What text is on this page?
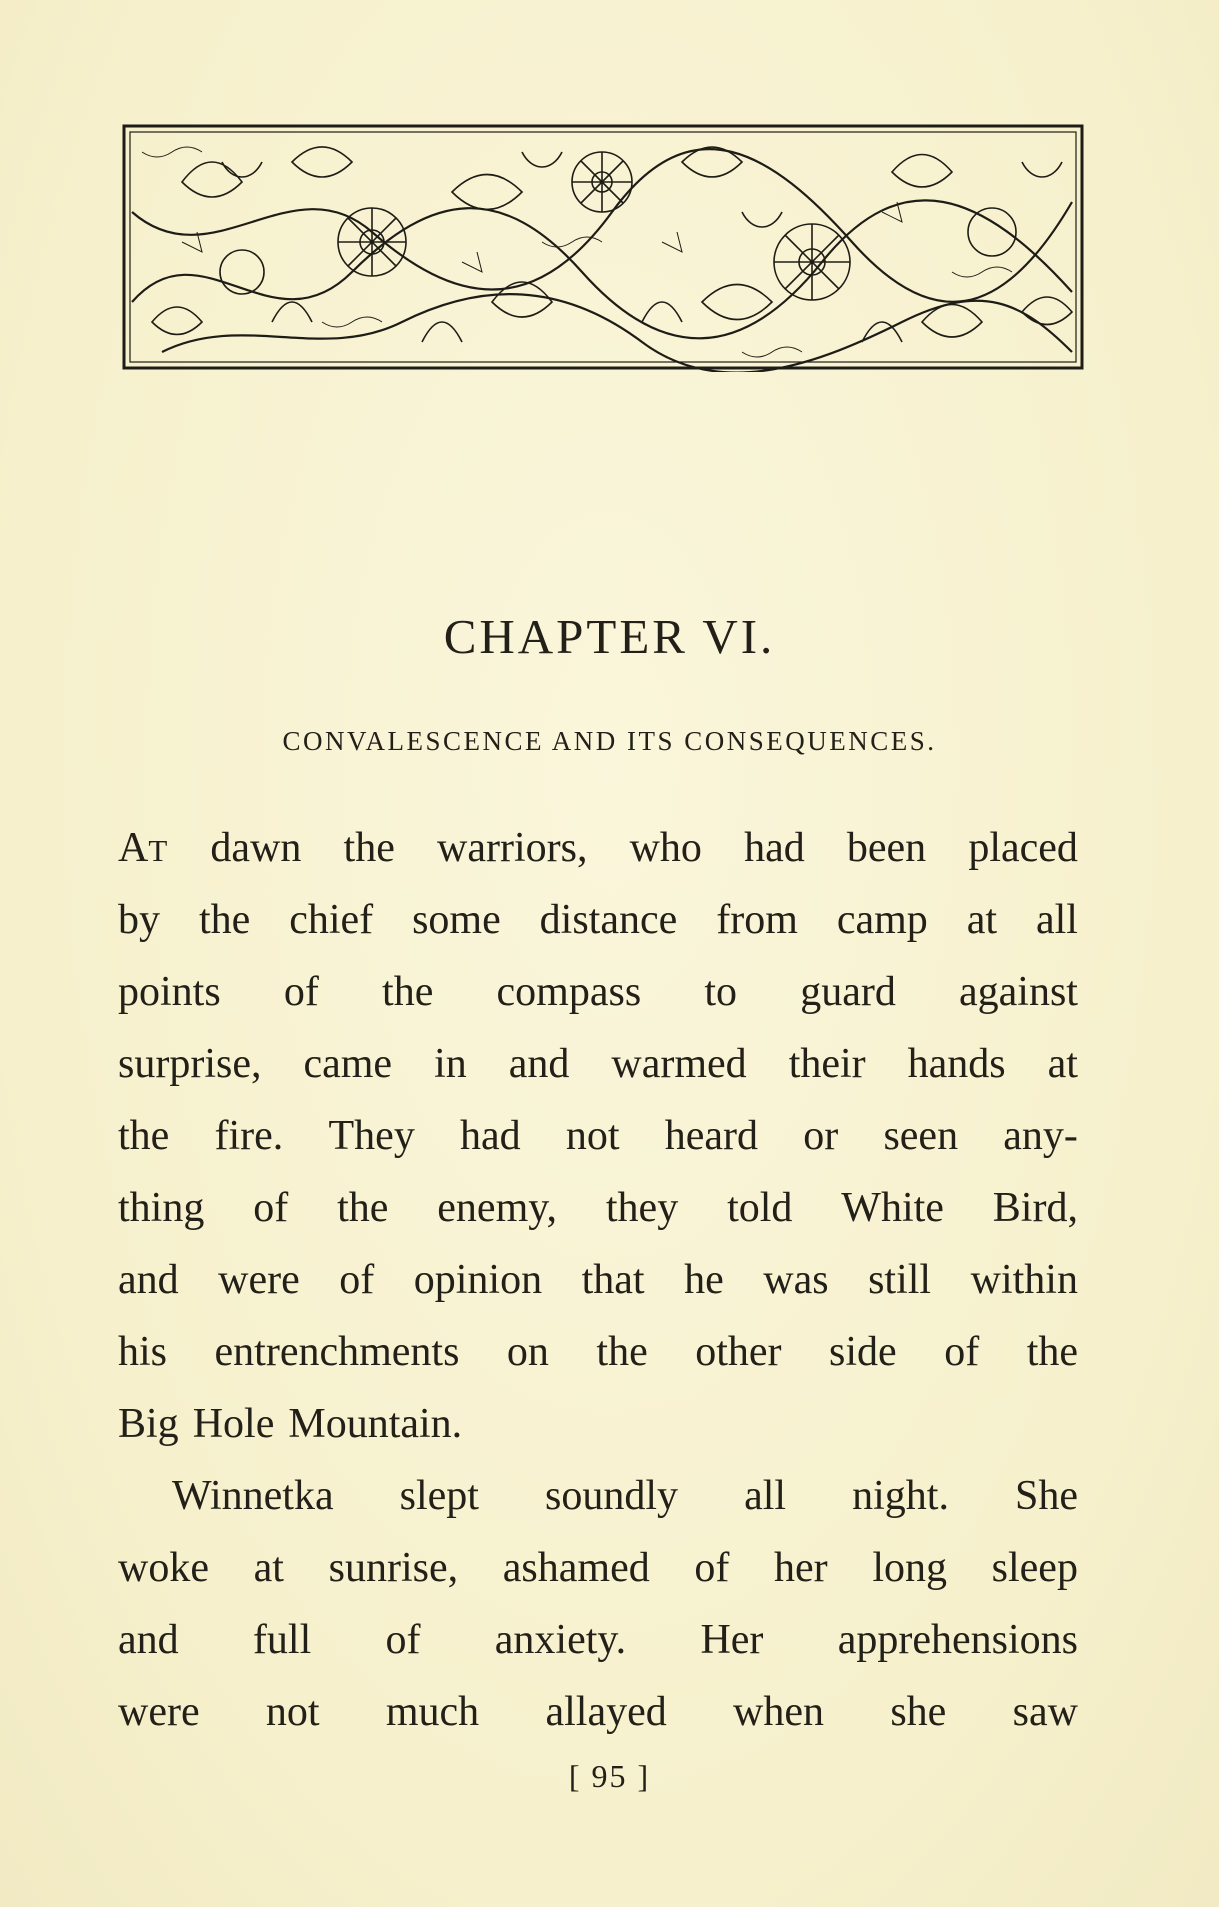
CHAPTER VI.
CONVALESCENCE AND ITS CONSEQUENCES.
AT dawn the warriors, who had been placed
by the chief some distance from camp at all
points of the compass to guard against
surprise, came in and warmed their hands at
the fire. They had not heard or seen any-
thing of the enemy, they told White Bird,
and were of opinion that he was still within
his entrenchments on the other side of the
Big Hole Mountain.
Winnetka slept soundly all night. She
woke at sunrise, ashamed of her long sleep
and full of anxiety. Her apprehensions
were not much allayed when she saw
[ 95 ]
